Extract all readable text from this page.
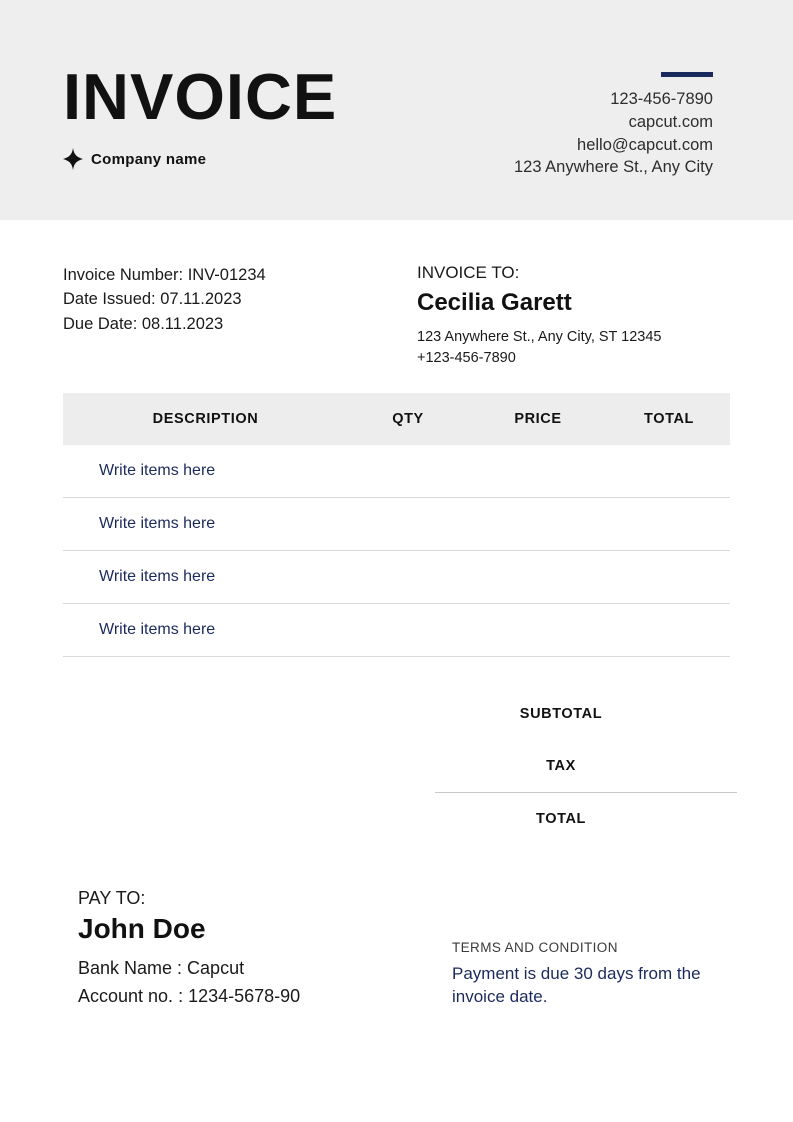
INVOICE
Company name
123-456-7890
capcut.com
hello@capcut.com
123 Anywhere St., Any City
Invoice Number: INV-01234
Date Issued: 07.11.2023
Due Date: 08.11.2023
INVOICE TO:
Cecilia Garett
123 Anywhere St., Any City, ST 12345
+123-456-7890
DESCRIPTION	QTY	PRICE	TOTAL
Write items here
Write items here
Write items here
Write items here
SUBTOTAL
TAX
TOTAL
PAY TO:
John Doe
Bank Name : Capcut
Account no. : 1234-5678-90
TERMS AND CONDITION
Payment is due 30 days from the invoice date.
